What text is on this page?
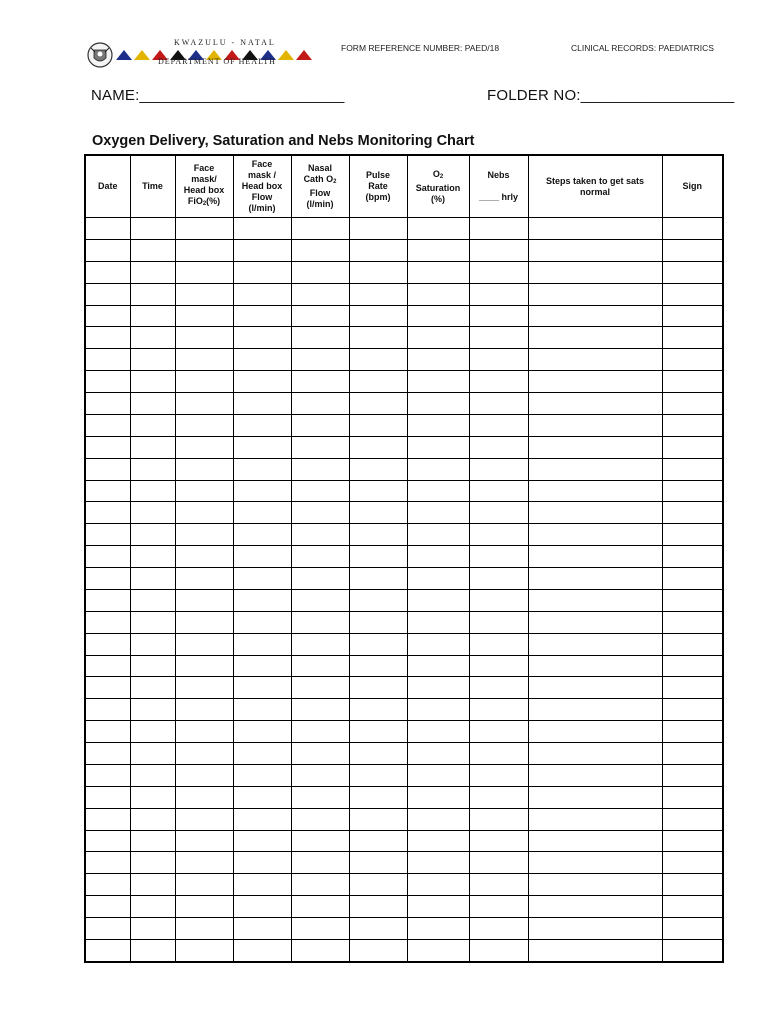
KWAZULU - NATAL
DEPARTMENT OF HEALTH
FORM REFERENCE NUMBER: PAED/18	CLINICAL RECORDS: PAEDIATRICS
NAME:________________________	FOLDER NO:__________________
Oxygen Delivery, Saturation and Nebs Monitoring Chart
Date	Time	Face
mask/
Head box
FiO$_2$(%)	Face
mask /
Head box
Flow
(l/min)	Nasal
Cath $O_2$
Flow
(l/min)	Pulse
Rate
(bpm)	$O_2$
Saturation
(%)	Nebs

____ hrly	Steps taken to get sats
normal	Sign
